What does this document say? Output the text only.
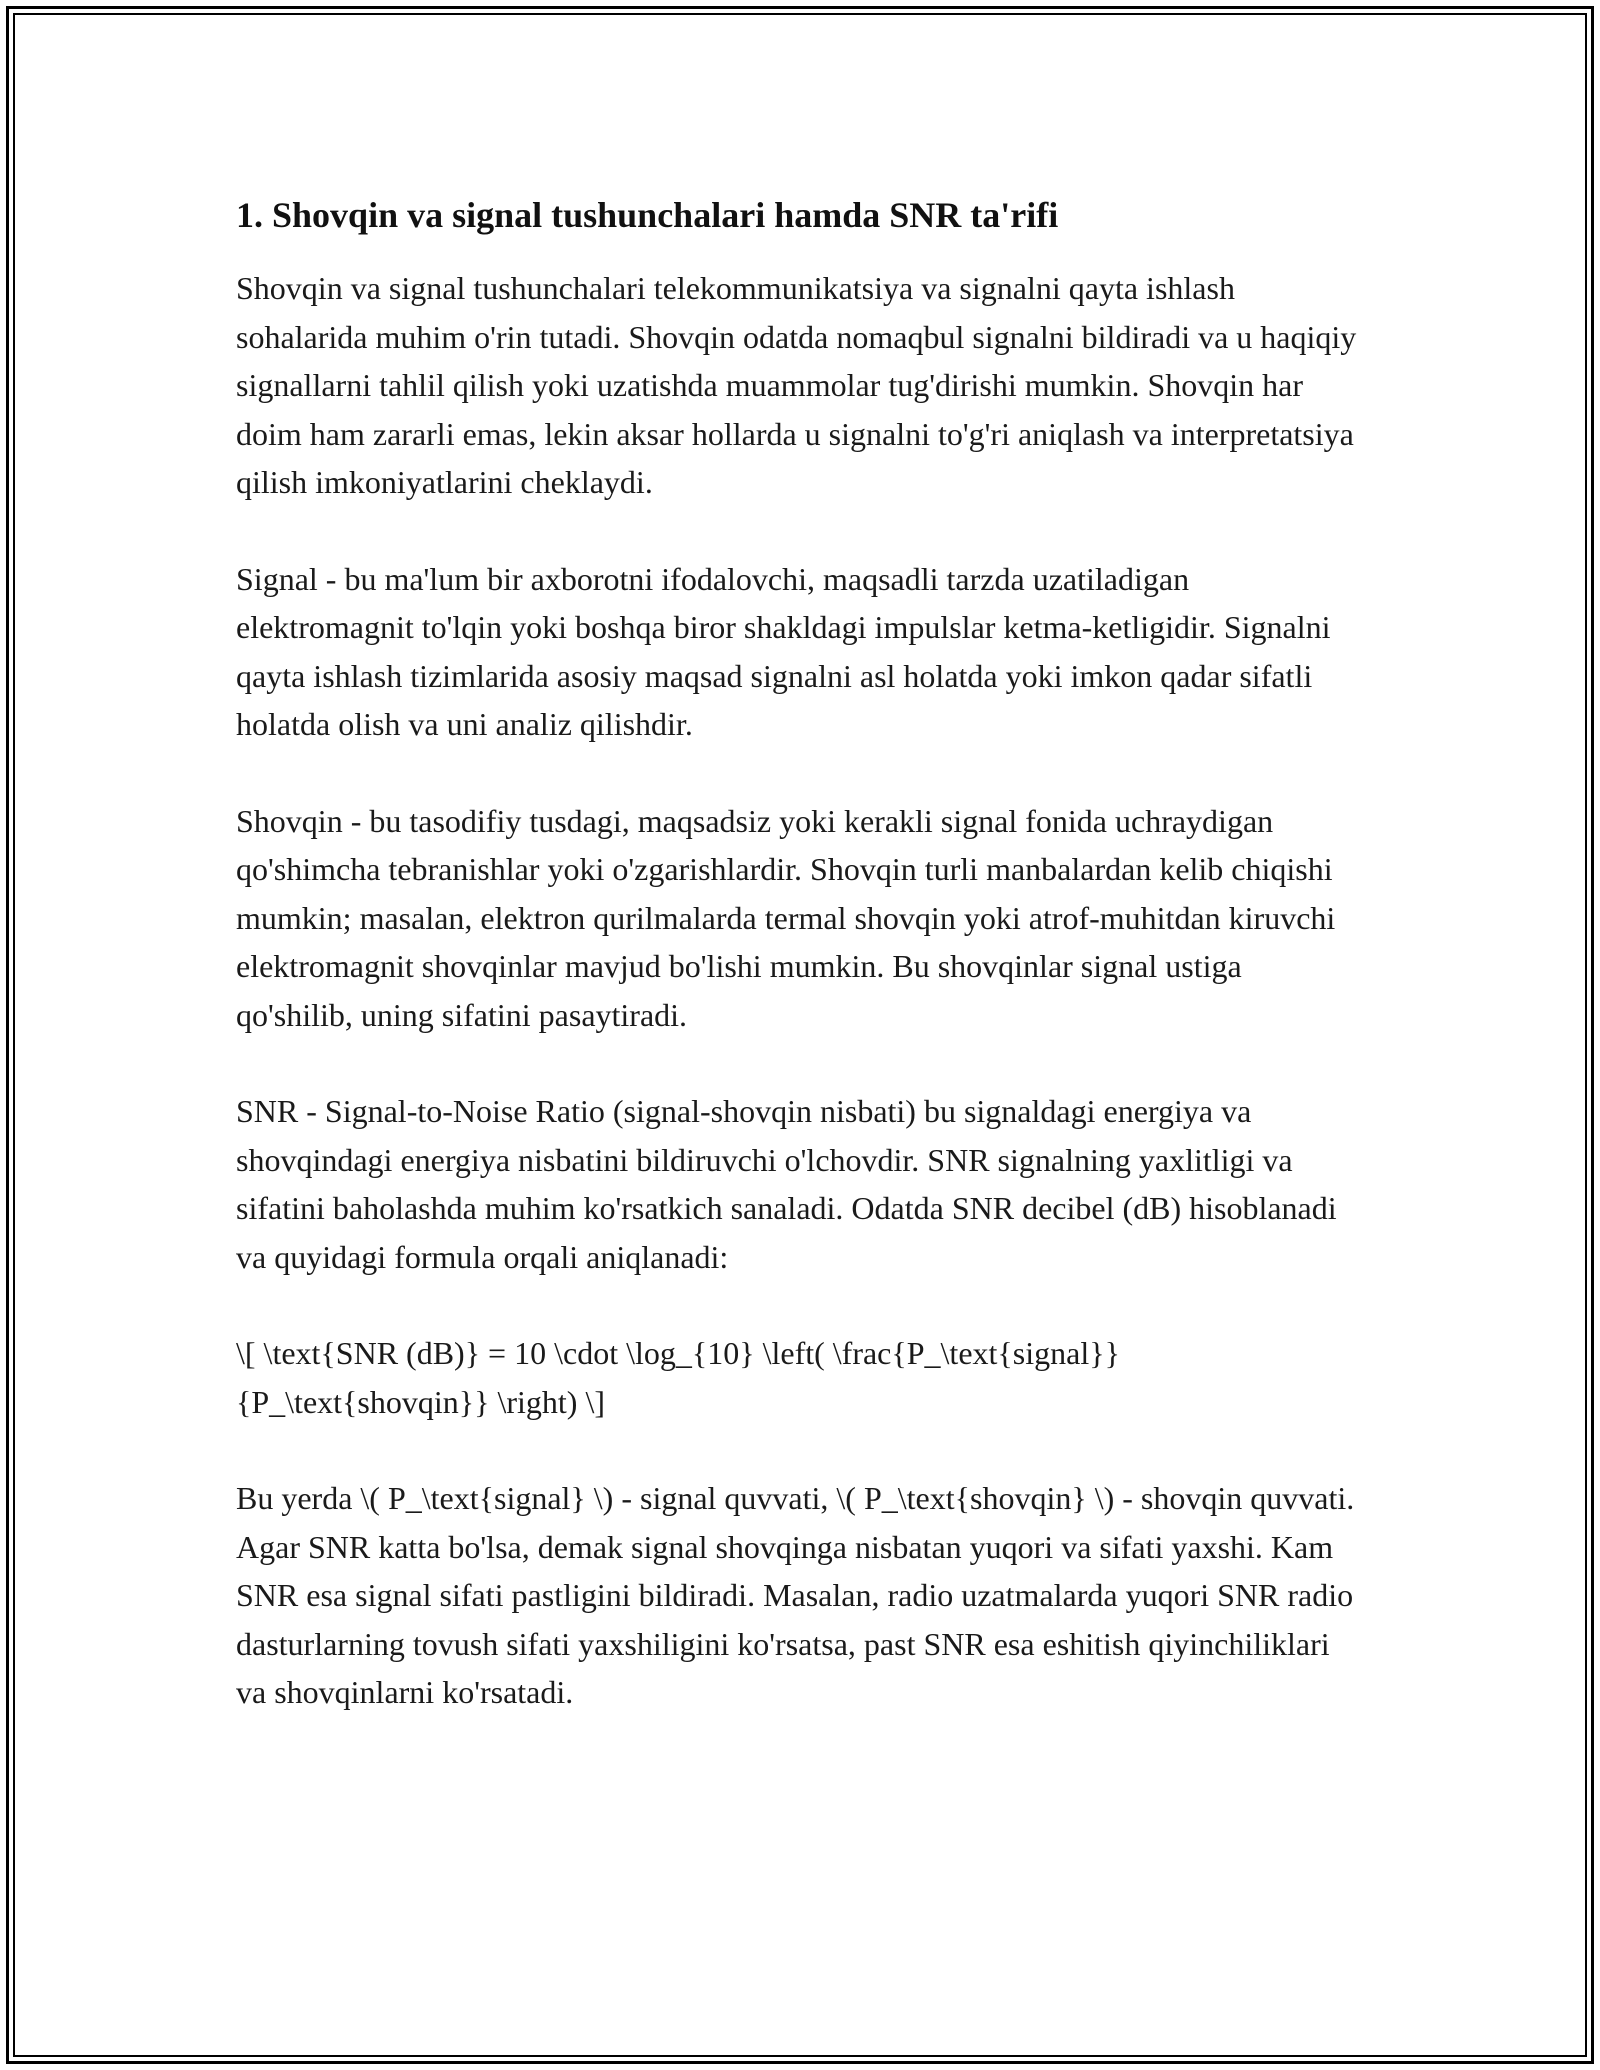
1. Shovqin va signal tushunchalari hamda SNR ta'rifi

Shovqin va signal tushunchalari telekommunikatsiya va signalni qayta ishlash sohalarida muhim o'rin tutadi. Shovqin odatda nomaqbul signalni bildiradi va u haqiqiy signallarni tahlil qilish yoki uzatishda muammolar tug'dirishi mumkin. Shovqin har doim ham zararli emas, lekin aksar hollarda u signalni to'g'ri aniqlash va interpretatsiya qilish imkoniyatlarini cheklaydi.

Signal - bu ma'lum bir axborotni ifodalovchi, maqsadli tarzda uzatiladigan elektromagnit to'lqin yoki boshqa biror shakldagi impulslar ketma-ketligidir. Signalni qayta ishlash tizimlarida asosiy maqsad signalni asl holatda yoki imkon qadar sifatli holatda olish va uni analiz qilishdir.

Shovqin - bu tasodifiy tusdagi, maqsadsiz yoki kerakli signal fonida uchraydigan qo'shimcha tebranishlar yoki o'zgarishlardir. Shovqin turli manbalardan kelib chiqishi mumkin; masalan, elektron qurilmalarda termal shovqin yoki atrof-muhitdan kiruvchi elektromagnit shovqinlar mavjud bo'lishi mumkin. Bu shovqinlar signal ustiga qo'shilib, uning sifatini pasaytiradi.

SNR - Signal-to-Noise Ratio (signal-shovqin nisbati) bu signaldagi energiya va shovqindagi energiya nisbatini bildiruvchi o'lchovdir. SNR signalning yaxlitligi va sifatini baholashda muhim ko'rsatkich sanaladi. Odatda SNR decibel (dB) hisoblanadi va quyidagi formula orqali aniqlanadi:

\[ \text{SNR (dB)} = 10 \cdot \log_{10} \left( \frac{P_\text{signal}}{P_\text{shovqin}} \right) \]

Bu yerda \( P_\text{signal} \) - signal quvvati, \( P_\text{shovqin} \) - shovqin quvvati. Agar SNR katta bo'lsa, demak signal shovqinga nisbatan yuqori va sifati yaxshi. Kam SNR esa signal sifati pastligini bildiradi. Masalan, radio uzatmalarda yuqori SNR radio dasturlarning tovush sifati yaxshiligini ko'rsatsa, past SNR esa eshitish qiyinchiliklari va shovqinlarni ko'rsatadi.
